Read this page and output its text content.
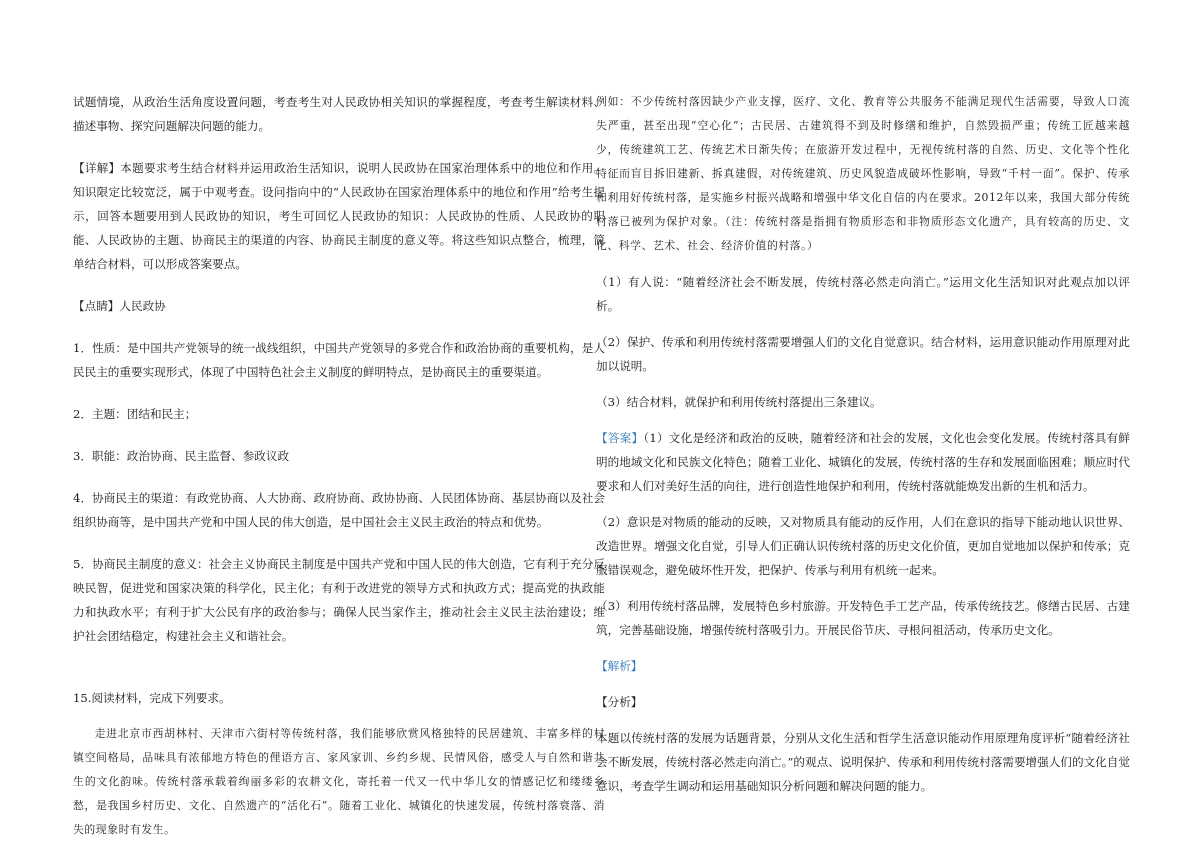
试题情境，从政治生活角度设置问题，考查考生对人民政协相关知识的掌握程度，考查考生解读材料、描述事物、探究问题解决问题的能力。

【详解】本题要求考生结合材料并运用政治生活知识，说明人民政协在国家治理体系中的地位和作用。知识限定比较宽泛，属于中观考查。设问指向中的“人民政协在国家治理体系中的地位和作用”给考生提示，回答本题要用到人民政协的知识，考生可回忆人民政协的知识：人民政协的性质、人民政协的职能、人民政协的主题、协商民主的渠道的内容、协商民主制度的意义等。将这些知识点整合，梳理，简单结合材料，可以形成答案要点。

【点睛】人民政协

1．性质：是中国共产党领导的统一战线组织，中国共产党领导的多党合作和政治协商的重要机构，是人民民主的重要实现形式，体现了中国特色社会主义制度的鲜明特点，是协商民主的重要渠道。

2．主题：团结和民主；

3．职能：政治协商、民主监督、参政议政

4．协商民主的渠道：有政党协商、人大协商、政府协商、政协协商、人民团体协商、基层协商以及社会组织协商等，是中国共产党和中国人民的伟大创造，是中国社会主义民主政治的特点和优势。

5．协商民主制度的意义：社会主义协商民主制度是中国共产党和中国人民的伟大创造，它有利于充分反映民智，促进党和国家决策的科学化，民主化；有利于改进党的领导方式和执政方式；提高党的执政能力和执政水平；有利于扩大公民有序的政治参与；确保人民当家作主，推动社会主义民主法治建设；维护社会团结稳定，构建社会主义和谐社会。

15.阅读材料，完成下列要求。

走进北京市西胡林村、天津市六街村等传统村落，我们能够欣赏风格独特的民居建筑、丰富多样的村镇空间格局，品味具有浓郁地方特色的俚语方言、家风家训、乡约乡规、民情风俗，感受人与自然和谐共生的文化韵味。传统村落承载着绚丽多彩的农耕文化，寄托着一代又一代中华儿女的情感记忆和缕缕乡愁，是我国乡村历史、文化、自然遗产的“活化石”。随着工业化、城镇化的快速发展，传统村落衰落、消失的现象时有发生。

例如：不少传统村落因缺少产业支撑，医疗、文化、教育等公共服务不能满足现代生活需要，导致人口流失严重，甚至出现“空心化”；古民居、古建筑得不到及时修缮和维护，自然毁损严重；传统工匠越来越少，传统建筑工艺、传统艺术日渐失传；在旅游开发过程中，无视传统村落的自然、历史、文化等个性化特征而盲目拆旧建新、拆真建假，对传统建筑、历史风貌造成破坏性影响，导致“千村一面”。保护、传承和利用好传统村落，是实施乡村振兴战略和增强中华文化自信的内在要求。2012年以来，我国大部分传统村落已被列为保护对象。（注：传统村落是指拥有物质形态和非物质形态文化遗产，具有较高的历史、文化、科学、艺术、社会、经济价值的村落。）

（1）有人说：“随着经济社会不断发展，传统村落必然走向消亡。”运用文化生活知识对此观点加以评析。

（2）保护、传承和利用传统村落需要增强人们的文化自觉意识。结合材料，运用意识能动作用原理对此加以说明。

（3）结合材料，就保护和利用传统村落提出三条建议。

【答案】（1）文化是经济和政治的反映，随着经济和社会的发展，文化也会变化发展。传统村落具有鲜明的地域文化和民族文化特色；随着工业化、城镇化的发展，传统村落的生存和发展面临困难；顺应时代要求和人们对美好生活的向往，进行创造性地保护和利用，传统村落就能焕发出新的生机和活力。

（2）意识是对物质的能动的反映，又对物质具有能动的反作用，人们在意识的指导下能动地认识世界、改造世界。增强文化自觉，引导人们正确认识传统村落的历史文化价值，更加自觉地加以保护和传承；克服错误观念，避免破坏性开发，把保护、传承与利用有机统一起来。

（3）利用传统村落品牌，发展特色乡村旅游。开发特色手工艺产品，传承传统技艺。修缮古民居、古建筑，完善基础设施，增强传统村落吸引力。开展民俗节庆、寻根问祖活动，传承历史文化。

【解析】

【分析】

本题以传统村落的发展为话题背景，分别从文化生活和哲学生活意识能动作用原理角度评析“随着经济社会不断发展，传统村落必然走向消亡。”的观点、说明保护、传承和利用传统村落需要增强人们的文化自觉意识，考查学生调动和运用基础知识分析问题和解决问题的能力。
